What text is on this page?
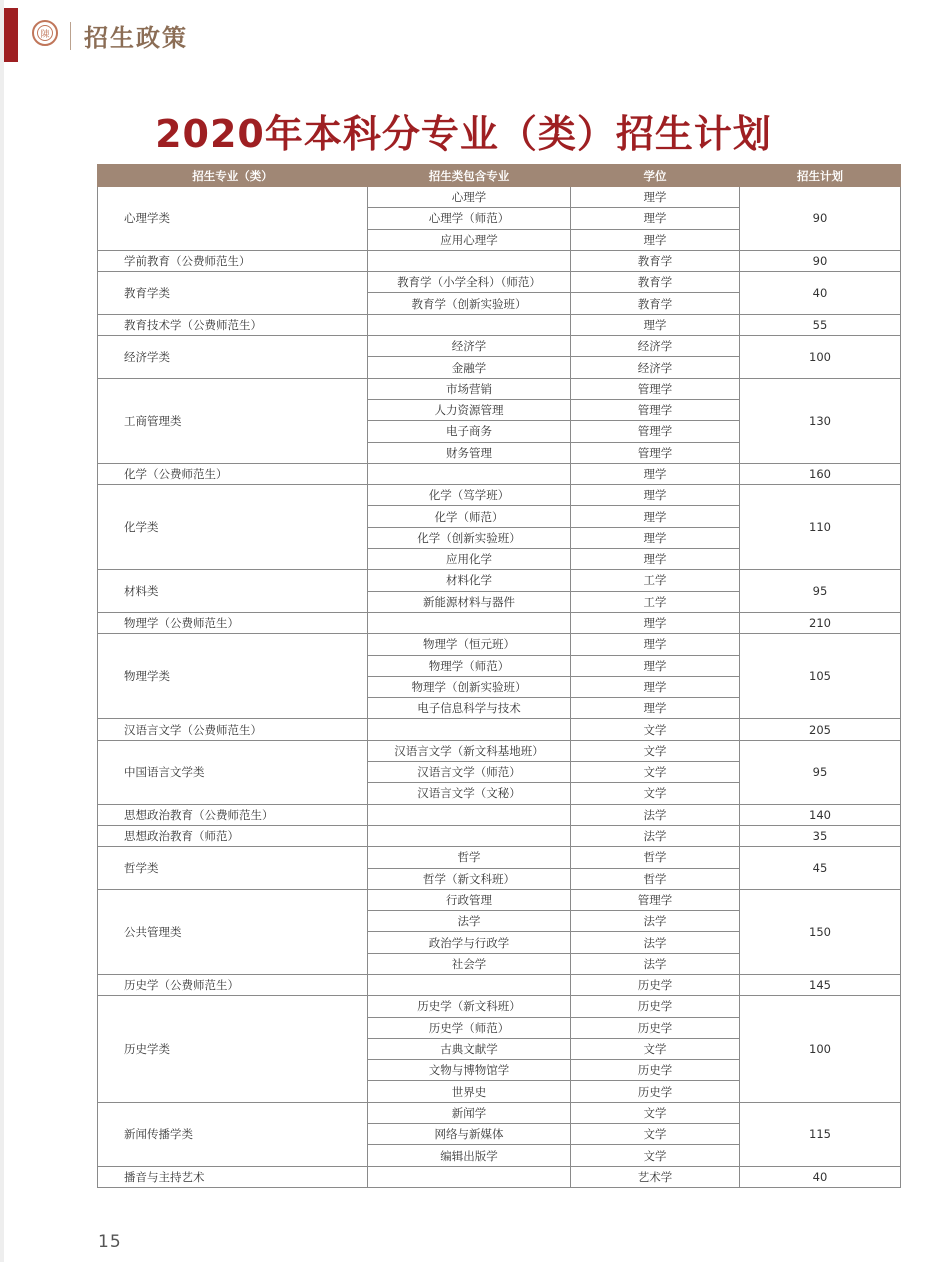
陳 招生政策
2020年本科分专业（类）招生计划
招生专业（类）	招生类包含专业	学位	招生计划
心理学类	心理学	理学	90
	心理学（师范）	理学	
	应用心理学	理学	
学前教育（公费师范生）		教育学	90
教育学类	教育学（小学全科）（师范）	教育学	40
	教育学（创新实验班）	教育学	
教育技术学（公费师范生）		理学	55
经济学类	经济学	经济学	100
	金融学	经济学	
工商管理类	市场营销	管理学	130
	人力资源管理	管理学	
	电子商务	管理学	
	财务管理	管理学	
化学（公费师范生）		理学	160
化学类	化学（笃学班）	理学	110
	化学（师范）	理学	
	化学（创新实验班）	理学	
	应用化学	理学	
材料类	材料化学	工学	95
	新能源材料与器件	工学	
物理学（公费师范生）		理学	210
物理学类	物理学（恒元班）	理学	105
	物理学（师范）	理学	
	物理学（创新实验班）	理学	
	电子信息科学与技术	理学	
汉语言文学（公费师范生）		文学	205
中国语言文学类	汉语言文学（新文科基地班）	文学	95
	汉语言文学（师范）	文学	
	汉语言文学（文秘）	文学	
思想政治教育（公费师范生）		法学	140
思想政治教育（师范）		法学	35
哲学类	哲学	哲学	45
	哲学（新文科班）	哲学	
公共管理类	行政管理	管理学	150
	法学	法学	
	政治学与行政学	法学	
	社会学	法学	
历史学（公费师范生）		历史学	145
历史学类	历史学（新文科班）	历史学	100
	历史学（师范）	历史学	
	古典文献学	文学	
	文物与博物馆学	历史学	
	世界史	历史学	
新闻传播学类	新闻学	文学	115
	网络与新媒体	文学	
	编辑出版学	文学	
播音与主持艺术		艺术学	40
15
